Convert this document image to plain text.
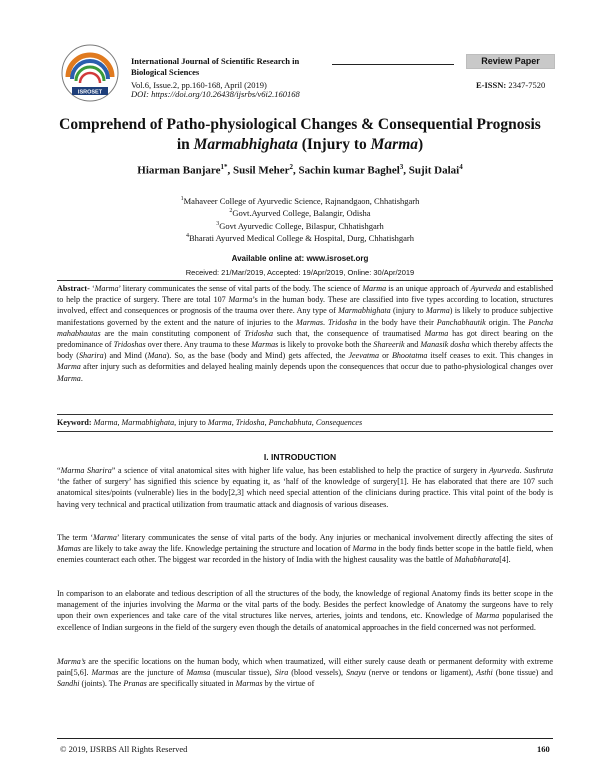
ISROSET
International Journal of Scientific Research in Biological Sciences
Review Paper
Vol.6, Issue.2, pp.160-168, April (2019)
DOI: https://doi.org/10.26438/ijsrbs/v6i2.160168
E-ISSN: 2347-7520
Comprehend of Patho-physiological Changes & Consequential Prognosis
in Marmabhighata (Injury to Marma)
Hiarman Banjare$^{1*}$, Susil Meher$^2$, Sachin kumar Baghel$^3$, Sujit Dalai$^4$
$^1$Mahaveer College of Ayurvedic Science, Rajnandgaon, Chhatishgarh
$^2$Govt.Ayurved College, Balangir, Odisha
$^3$Govt Ayurvedic College, Bilaspur, Chhatishgarh
$^4$Bharati Ayurved Medical College & Hospital, Durg, Chhatishgarh
Available online at: www.isroset.org
Received: 21/Mar/2019, Accepted: 19/Apr/2019, Online: 30/Apr/2019
Abstract- ‘Marma’ literary communicates the sense of vital parts of the body. The science of Marma is an unique approach of Ayurveda and established to help the practice of surgery. There are total 107 Marma’s in the human body. These are classified into five types according to location, structures involved, effect and consequences or prognosis of the trauma over there. Any type of Marmabhighata (injury to Marma) is likely to produce subjective manifestations governed by the extent and the nature of injuries to the Marmas. Tridosha in the body have their Panchabhautik origin. The Pancha mahabhautas are the main constituting component of Tridosha such that, the consequence of traumatised Marma has got direct bearing on the predominance of Tridoshas over there. Any trauma to these Marmas is likely to provoke both the Shareerik and Manasik dosha which thereby affects the body (Sharira) and Mind (Mana). So, as the base (body and Mind) gets affected, the Jeevatma or Bhootatma itself ceases to exit. This changes in Marma after injury such as deformities and delayed healing mainly depends upon the consequences that occur due to patho-physiological changes over Marma.
Keyword: Marma, Marmabhighata, injury to Marma, Tridosha, Panchabhuta, Consequences
I. INTRODUCTION
“Marma Sharira” a science of vital anatomical sites with higher life value, has been established to help the practice of surgery in Ayurveda. Sushruta ‘the father of surgery’ has signified this science by equating it, as ‘half of the knowledge of surgery[1]. He has elaborated that there are 107 such anatomical sites/points (vulnerable) lies in the body[2,3] which need special attention of the clinicians during practice. This vital point of the body is having very technical and practical utilization from traumatic attack and diagnosis of various diseases.
The term ‘Marma’ literary communicates the sense of vital parts of the body. Any injuries or mechanical involvement directly affecting the sites of Mamas are likely to take away the life. Knowledge pertaining the structure and location of Marma in the body finds better scope in the battle field, when enemies counteract each other. The biggest war recorded in the history of India with the highest causality was the battle of Mahabharata[4].
In comparison to an elaborate and tedious description of all the structures of the body, the knowledge of regional Anatomy finds its better scope in the management of the injuries involving the Marma or the vital parts of the body. Besides the perfect knowledge of Anatomy the surgeons have to rely upon their own experiences and take care of the vital structures like nerves, arteries, joints and tendons, etc. Knowledge of Marma popularised the excellence of Indian surgeons in the field of the surgery even though the details of anatomical approaches in the field concerned was not performed.
Marma’s are the specific locations on the human body, which when traumatized, will either surely cause death or permanent deformity with extreme pain[5,6]. Marmas are the juncture of Mamsa (muscular tissue), Sira (blood vessels), Snayu (nerve or tendons or ligament), Asthi (bone tissue) and Sandhi (joints). The Pranas are specifically situated in Marmas by the virtue of
© 2019, IJSRBS All Rights Reserved	160
